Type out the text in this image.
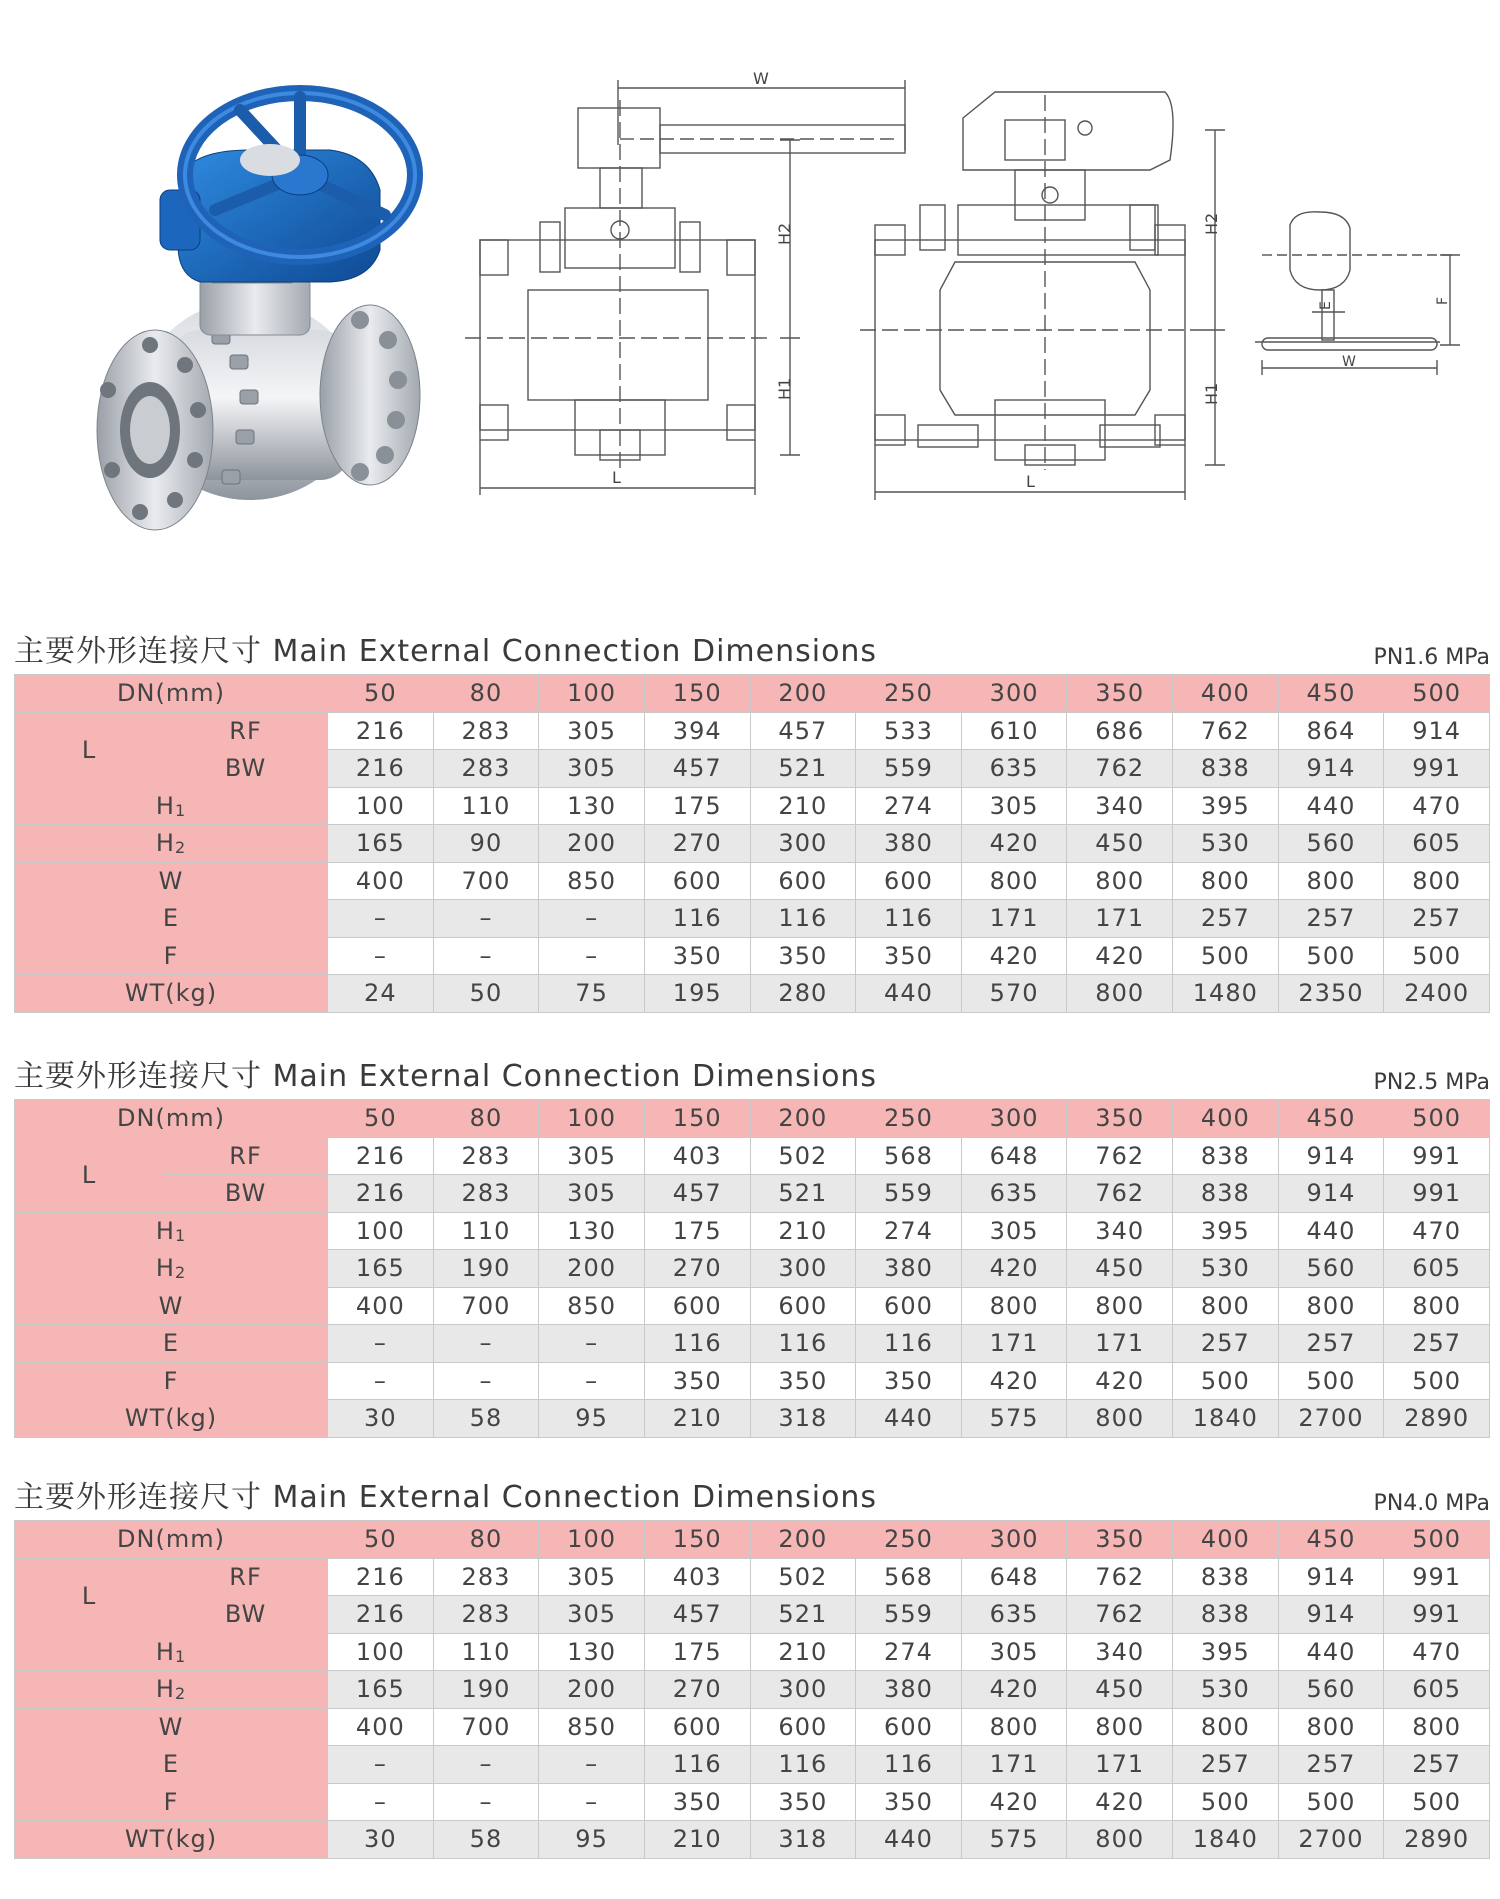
W
H2
H1
L
H2
H1
L
E
F
W
主要外形连接尺寸 Main External Connection Dimensions	PN1.6 MPa
DN(mm)		50	80	100	150	200	250	300	350	400	450	500
L	RF	216	283	305	394	457	533	610	686	762	864	914
	BW	216	283	305	457	521	559	635	762	838	914	991
$H_1$		100	110	130	175	210	274	305	340	395	440	470
$H_2$		165	90	200	270	300	380	420	450	530	560	605
W		400	700	850	600	600	600	800	800	800	800	800
E		–	–	–	116	116	116	171	171	257	257	257
F		–	–	–	350	350	350	420	420	500	500	500
WT(kg)		24	50	75	195	280	440	570	800	1480	2350	2400
主要外形连接尺寸 Main External Connection Dimensions	PN2.5 MPa
DN(mm)		50	80	100	150	200	250	300	350	400	450	500
L	RF	216	283	305	403	502	568	648	762	838	914	991
	BW	216	283	305	457	521	559	635	762	838	914	991
$H_1$		100	110	130	175	210	274	305	340	395	440	470
$H_2$		165	190	200	270	300	380	420	450	530	560	605
W		400	700	850	600	600	600	800	800	800	800	800
E		–	–	–	116	116	116	171	171	257	257	257
F		–	–	–	350	350	350	420	420	500	500	500
WT(kg)		30	58	95	210	318	440	575	800	1840	2700	2890
主要外形连接尺寸 Main External Connection Dimensions	PN4.0 MPa
DN(mm)		50	80	100	150	200	250	300	350	400	450	500
L	RF	216	283	305	403	502	568	648	762	838	914	991
	BW	216	283	305	457	521	559	635	762	838	914	991
$H_1$		100	110	130	175	210	274	305	340	395	440	470
$H_2$		165	190	200	270	300	380	420	450	530	560	605
W		400	700	850	600	600	600	800	800	800	800	800
E		–	–	–	116	116	116	171	171	257	257	257
F		–	–	–	350	350	350	420	420	500	500	500
WT(kg)		30	58	95	210	318	440	575	800	1840	2700	2890
